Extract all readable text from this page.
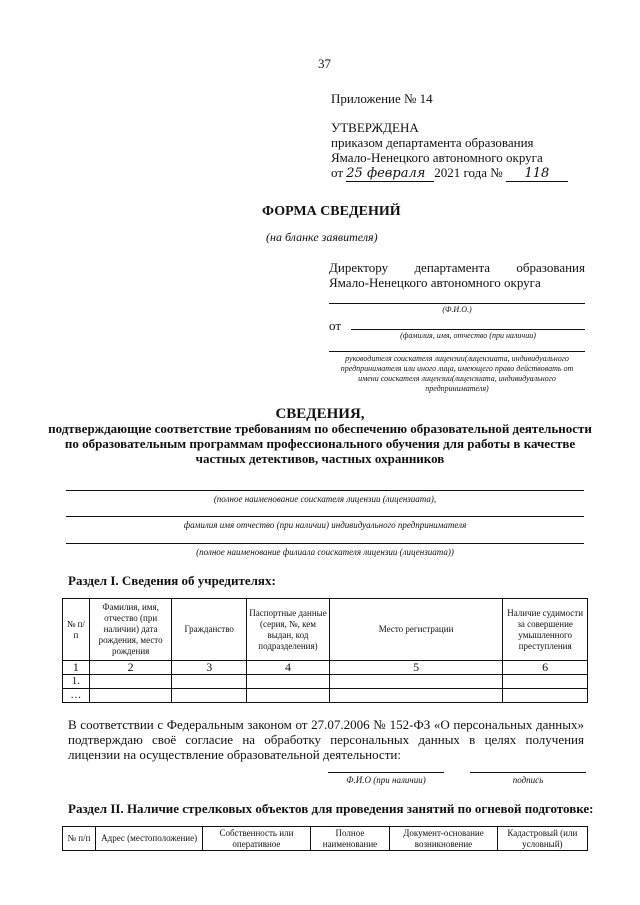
37
Приложение № 14
УТВЕРЖДЕНА
приказом департамента образования
Ямало-Ненецкого автономного округа
от 25 февраля 2021 года № 118
ФОРМА СВЕДЕНИЙ
(на бланке заявителя)
Директору департамента образования
Ямало-Ненецкого автономного округа
(Ф.И.О.)
от
(фамилия, имя, отчество (при наличии)
руководителя соискателя лицензии(лицензиата, индивидуального предпринимателя или иного лица, имеющего право действовать от имени соискателя лицензии(лицензиата, индивидуального предпринимателя)
СВЕДЕНИЯ,
подтверждающие соответствие требованиям по обеспечению образовательной деятельности по образовательным программам профессионального обучения для работы в качестве частных детективов, частных охранников
(полное наименование соискателя лицензии (лицензиата),
фамилия имя отчество (при наличии) индивидуального предпринимателя
(полное наименование филиала соискателя лицензии (лицензиата))
Раздел I. Сведения об учредителях:
№ п/п	Фамилия, имя, отчество (при наличии) дата рождения, место рождения	Гражданство	Паспортные данные (серия, №, кем выдан, код подразделения)	Место регистрации	Наличие судимости за совершение умышленного преступления
1	2	3	4	5	6
1.					
…					
В соответствии с Федеральным законом от 27.07.2006 № 152-ФЗ «О персональных данных» подтверждаю своё согласие на обработку персональных данных в целях получения лицензии на осуществление образовательной деятельности:
Ф.И.О (при наличии)	подпись
Раздел II. Наличие стрелковых объектов для проведения занятий по огневой подготовке:
№ п/п	Адрес (местоположение)	Собственность или оперативное	Полное наименование	Документ-основание возникновение	Кадастровый (или условный)
